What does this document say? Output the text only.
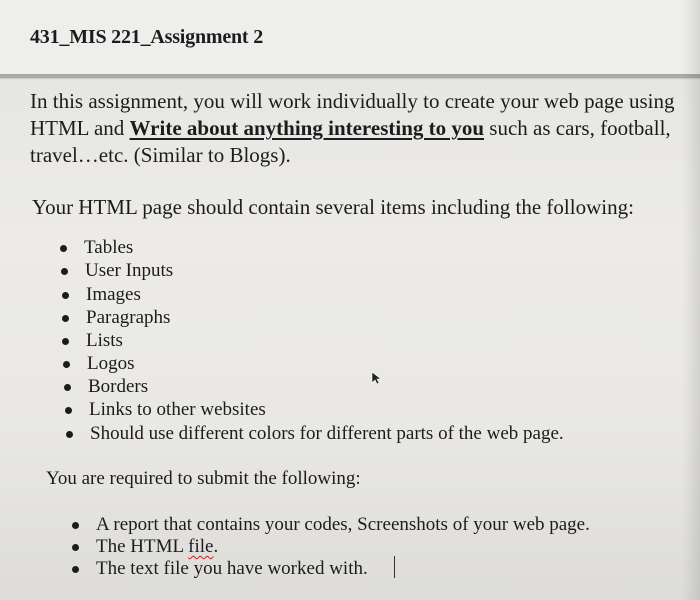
431_MIS 221_Assignment 2
In this assignment, you will work individually to create your web page using HTML and Write about anything interesting to you such as cars, football, travel…etc. (Similar to Blogs).
Your HTML page should contain several items including the following:
Tables
User Inputs
Images
Paragraphs
Lists
Logos
Borders
Links to other websites
Should use different colors for different parts of the web page.
You are required to submit the following:
A report that contains your codes, Screenshots of your web page.
The HTML file.
The text file you have worked with.
